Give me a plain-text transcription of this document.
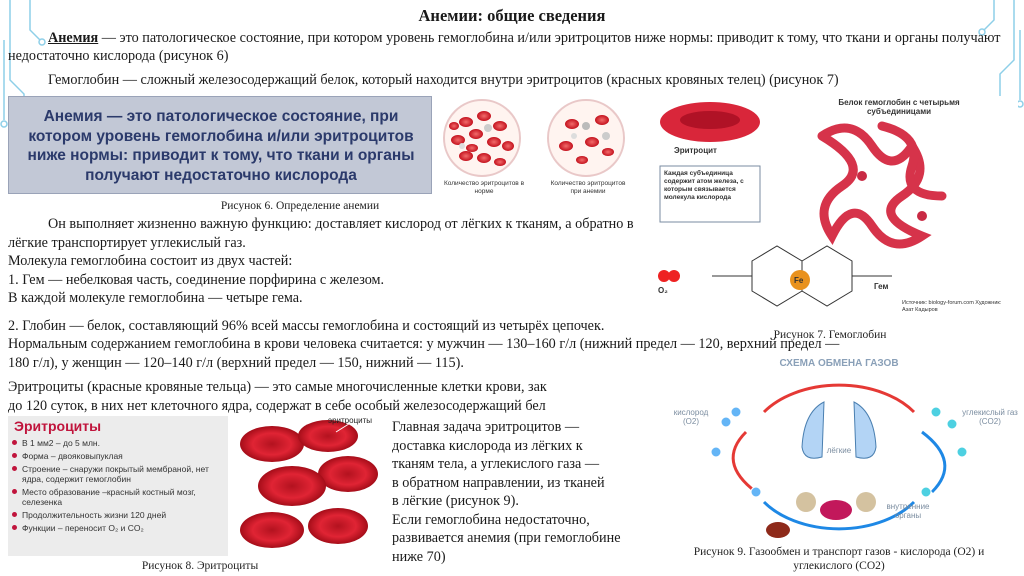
Анемии: общие сведения
Анемия — это патологическое состояние, при котором уровень гемоглобина и/или эритроцитов ниже нормы: приводит к тому, что ткани и органы получают недостаточно кислорода (рисунок 6)
Гемоглобин — сложный железосодержащий белок, который находится внутри эритроцитов (красных кровяных телец) (рисунок 7)
Анемия — это патологическое состояние, при котором уровень гемоглобина и/или эритроцитов ниже нормы: приводит к тому, что ткани и органы получают недостаточно кислорода	Количество эритроцитов в норме
Количество эритроцитов при анемии
Рисунок 6. Определение анемии
Белок гемоглобин с четырьмя субъединицами
Эритроцит
Каждая субъединица содержит атом железа, с которым связывается молекула кислорода
Гем
O₂
Fe
Источник: biology-forum.com Художник: Азат Кадыров
Рисунок 7. Гемоглобин
Он выполняет жизненно важную функцию: доставляет кислород от лёгких к тканям, а обратно в лёгкие транспортирует углекислый газ.
Молекула гемоглобина состоит из двух частей:
1. Гем — небелковая часть, соединение порфирина с железом.
В каждой молекуле гемоглобина — четыре гема.
2. Глобин — белок, составляющий 96% всей массы гемоглобина и состоящий из четырёх цепочек.
Нормальным содержанием гемоглобина в крови человека считается: у мужчин — 130–160 г/л (нижний предел — 120, верхний предел —
180 г/л), у женщин — 120–140 г/л (верхний предел — 150, нижний — 115).
Эритроциты (красные кровяные тельца) — это самые многочисленные клетки крови, зак
до 120 суток, в них нет клеточного ядра, содержат в себе особый железосодержащий бел
Эритроциты
В 1 мм2 – до 5 млн.
Форма – двояковыпуклая
Строение – снаружи покрытый мембраной, нет ядра, содержит гемоглобин
Место образование –красный костный мозг, селезенка
Продолжительность жизни 120 дней
Функции – переносит O₂ и CO₂
эритроциты
Рисунок 8. Эритроциты
Главная задача эритроцитов —
доставка кислорода из лёгких к
тканям тела, а углекислого газа —
в обратном направлении, из тканей
в лёгкие (рисунок 9).
Если гемоглобина недостаточно,
развивается анемия (при гемоглобине
ниже 70)
СХЕМА ОБМЕНА ГАЗОВ
кислород (O2)
лёгкие
углекислый газ (CO2)
внутренние органы
Рисунок 9. Газообмен и транспорт газов - кислорода (O2) и
углекислого (CO2)
